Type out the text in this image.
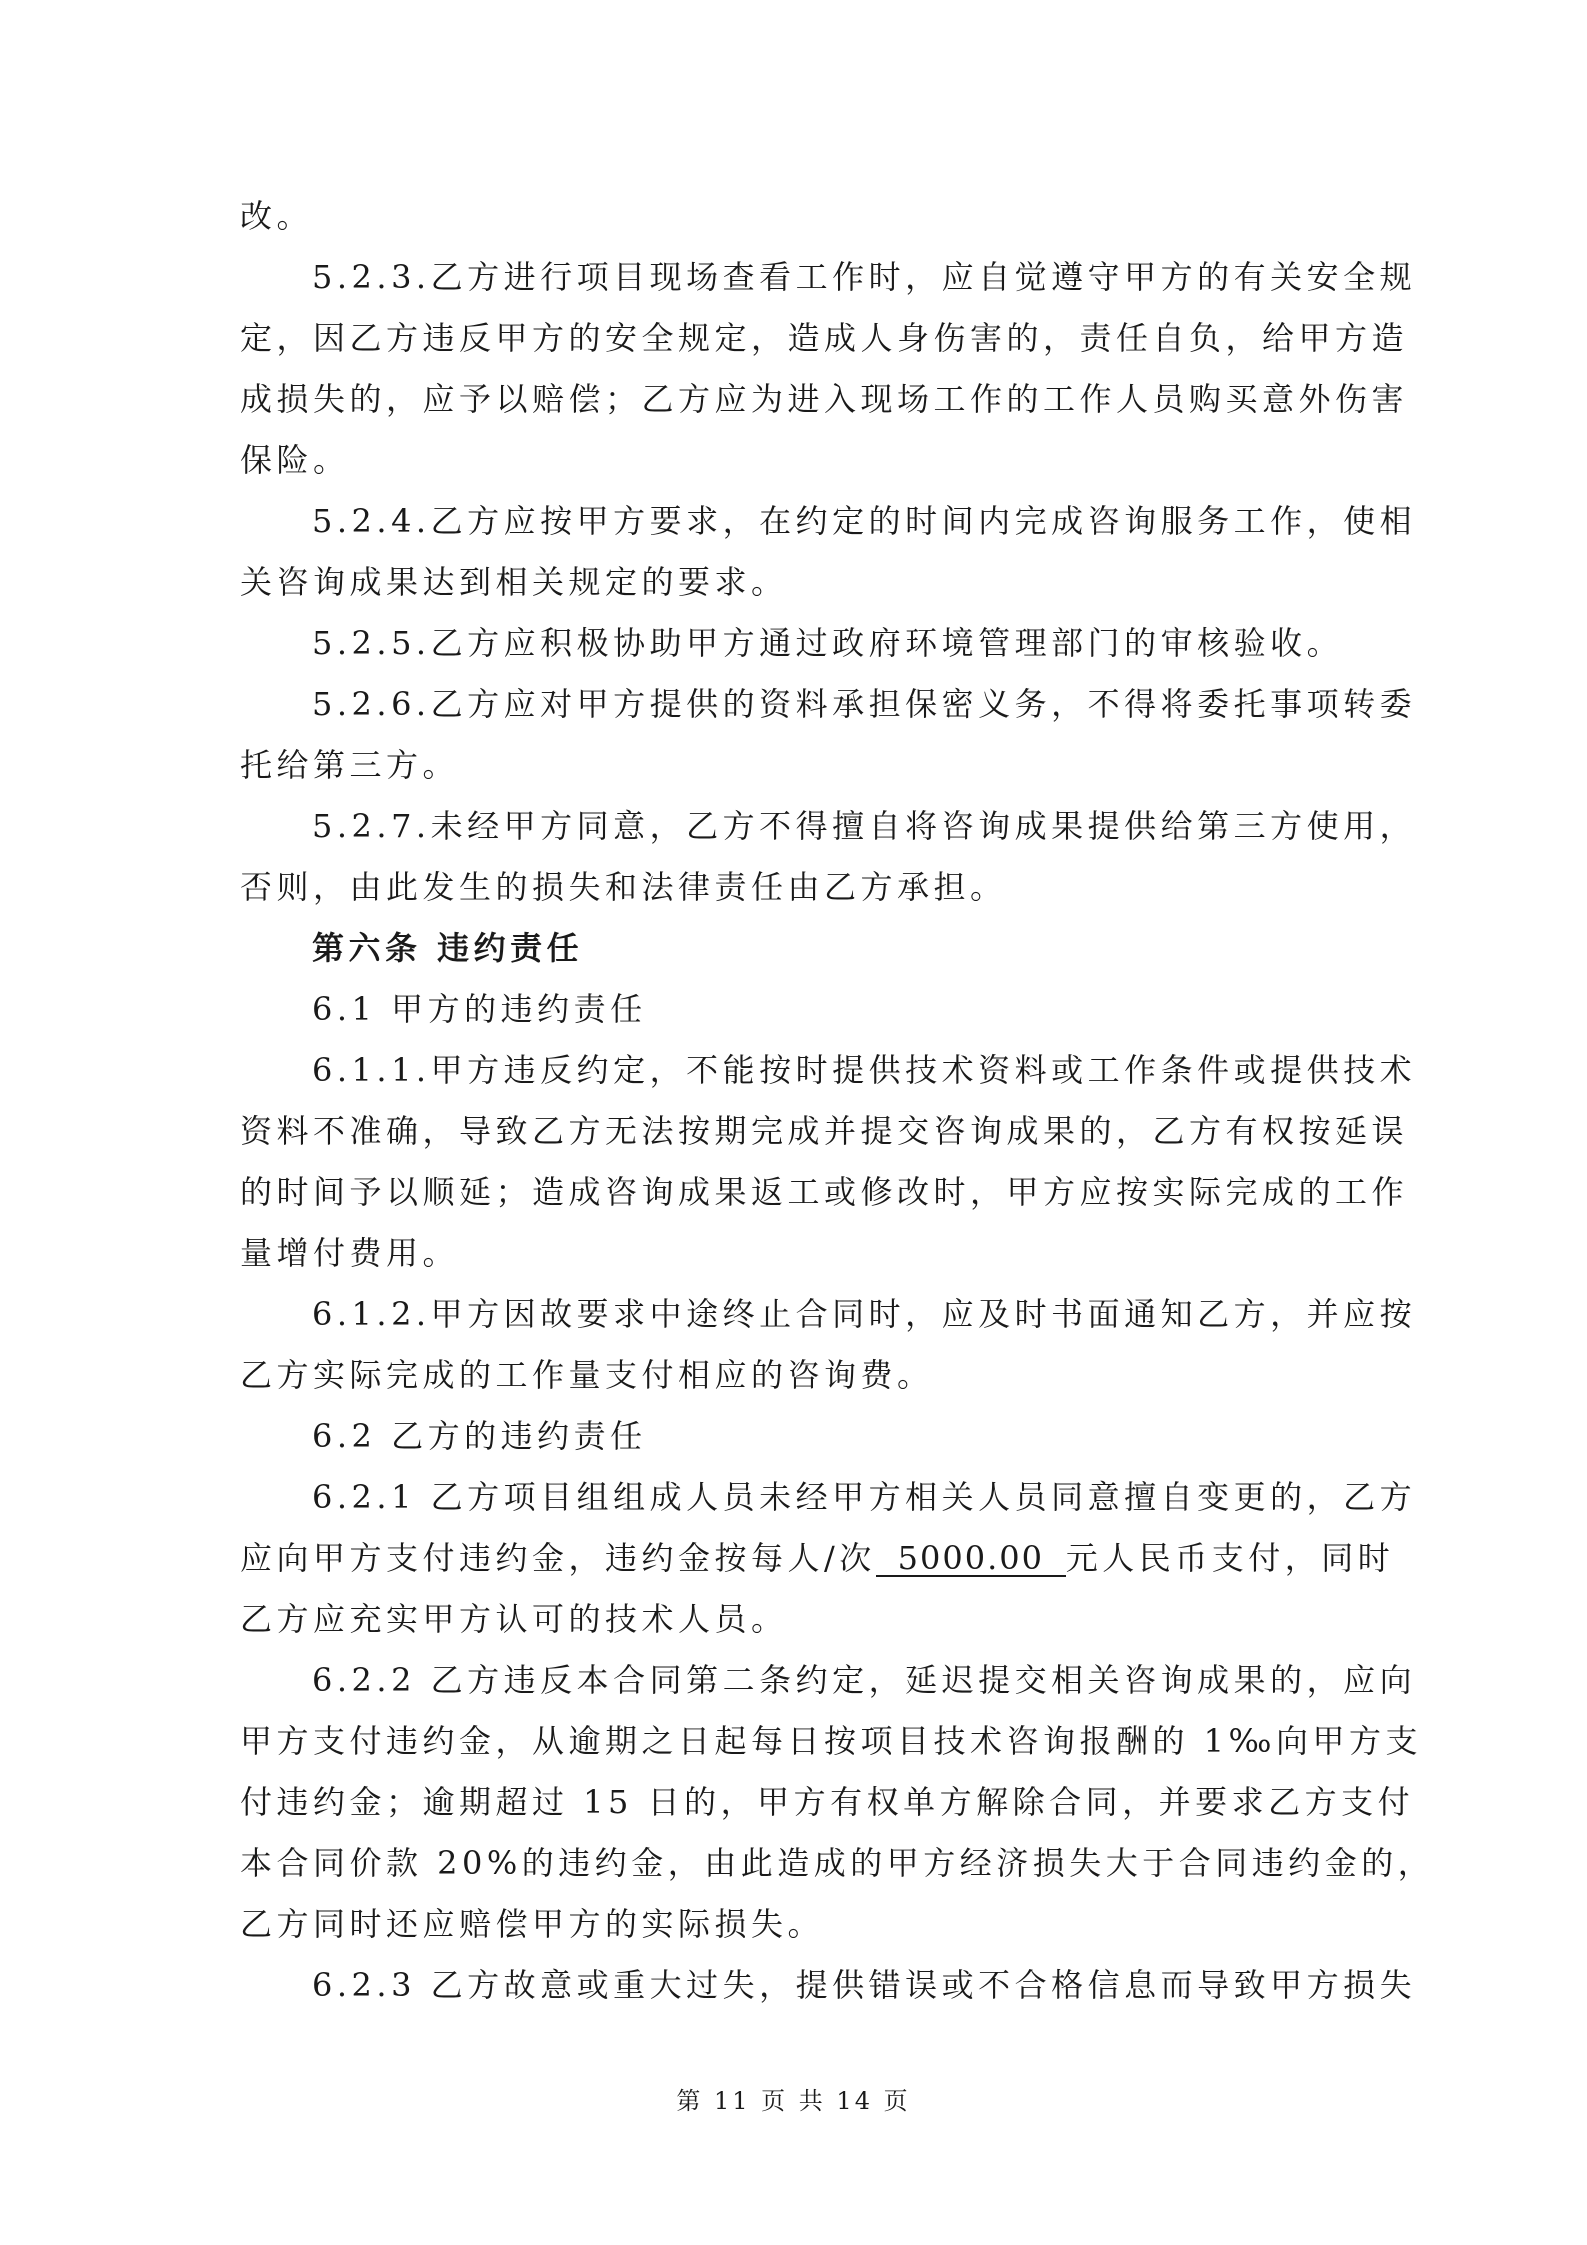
改。
5.2.3.乙方进行项目现场查看工作时，应自觉遵守甲方的有关安全规
定，因乙方违反甲方的安全规定，造成人身伤害的，责任自负，给甲方造
成损失的，应予以赔偿；乙方应为进入现场工作的工作人员购买意外伤害
保险。
5.2.4.乙方应按甲方要求，在约定的时间内完成咨询服务工作，使相
关咨询成果达到相关规定的要求。
5.2.5.乙方应积极协助甲方通过政府环境管理部门的审核验收。
5.2.6.乙方应对甲方提供的资料承担保密义务，不得将委托事项转委
托给第三方。
5.2.7.未经甲方同意，乙方不得擅自将咨询成果提供给第三方使用，
否则，由此发生的损失和法律责任由乙方承担。
第六条 违约责任
6.1 甲方的违约责任
6.1.1.甲方违反约定，不能按时提供技术资料或工作条件或提供技术
资料不准确，导致乙方无法按期完成并提交咨询成果的，乙方有权按延误
的时间予以顺延；造成咨询成果返工或修改时，甲方应按实际完成的工作
量增付费用。
6.1.2.甲方因故要求中途终止合同时，应及时书面通知乙方，并应按
乙方实际完成的工作量支付相应的咨询费。
6.2 乙方的违约责任
6.2.1 乙方项目组组成人员未经甲方相关人员同意擅自变更的，乙方
应向甲方支付违约金，违约金按每人/次 5000.00 元人民币支付，同时
乙方应充实甲方认可的技术人员。
6.2.2 乙方违反本合同第二条约定，延迟提交相关咨询成果的，应向
甲方支付违约金，从逾期之日起每日按项目技术咨询报酬的 1‰向甲方支
付违约金；逾期超过 15 日的，甲方有权单方解除合同，并要求乙方支付
本合同价款 20%的违约金，由此造成的甲方经济损失大于合同违约金的，
乙方同时还应赔偿甲方的实际损失。
6.2.3 乙方故意或重大过失，提供错误或不合格信息而导致甲方损失
第 11 页 共 14 页
